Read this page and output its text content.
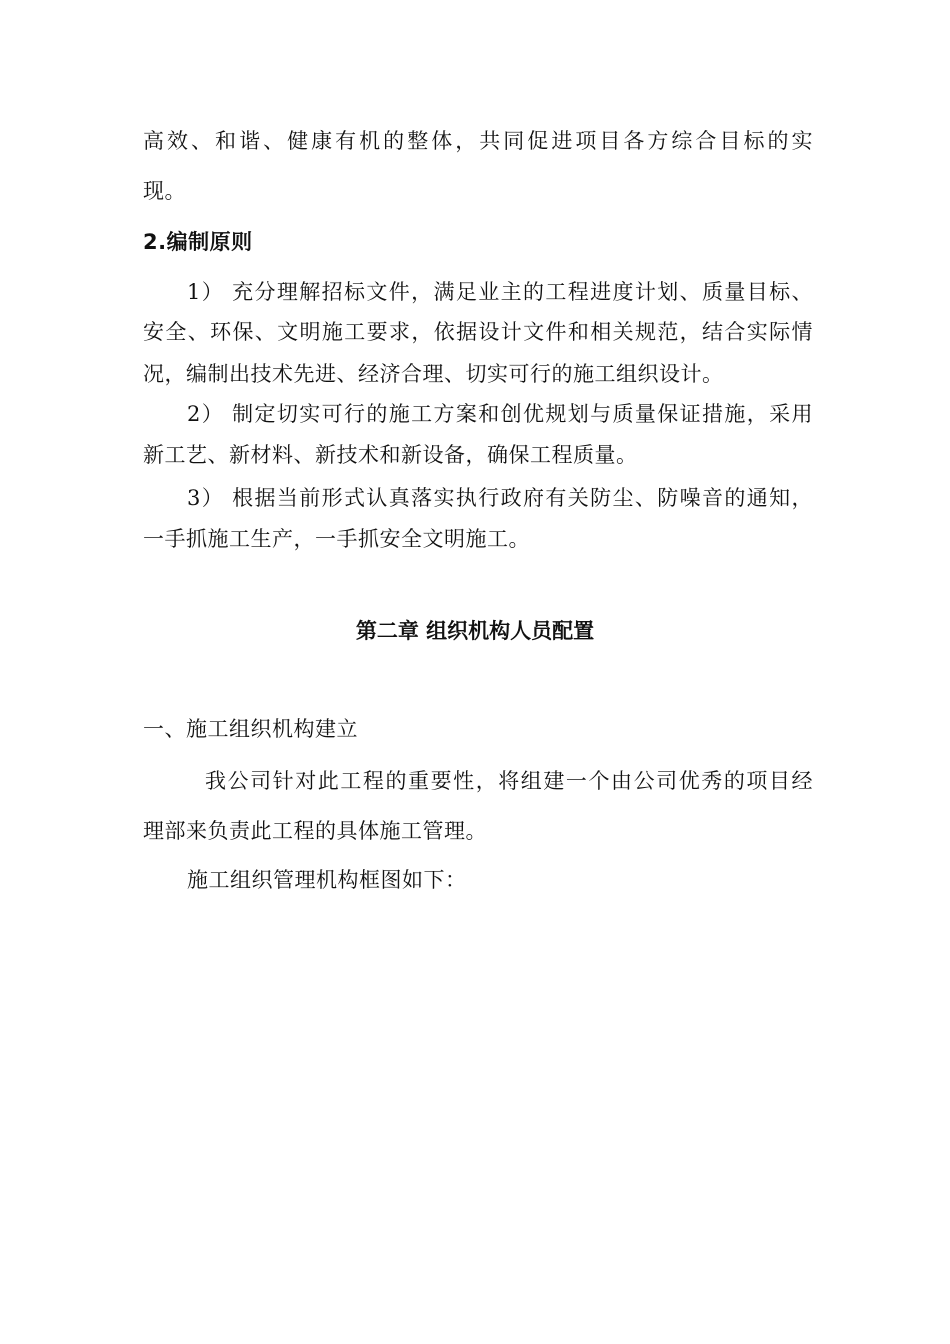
高效、和谐、健康有机的整体，共同促进项目各方综合目标的实
现。
2.编制原则
1） 充分理解招标文件，满足业主的工程进度计划、质量目标、
安全、环保、文明施工要求，依据设计文件和相关规范，结合实际情
况，编制出技术先进、经济合理、切实可行的施工组织设计。
2） 制定切实可行的施工方案和创优规划与质量保证措施，采用
新工艺、新材料、新技术和新设备，确保工程质量。
3） 根据当前形式认真落实执行政府有关防尘、防噪音的通知，
一手抓施工生产，一手抓安全文明施工。
第二章 组织机构人员配置
一、施工组织机构建立
我公司针对此工程的重要性，将组建一个由公司优秀的项目经
理部来负责此工程的具体施工管理。
施工组织管理机构框图如下：
